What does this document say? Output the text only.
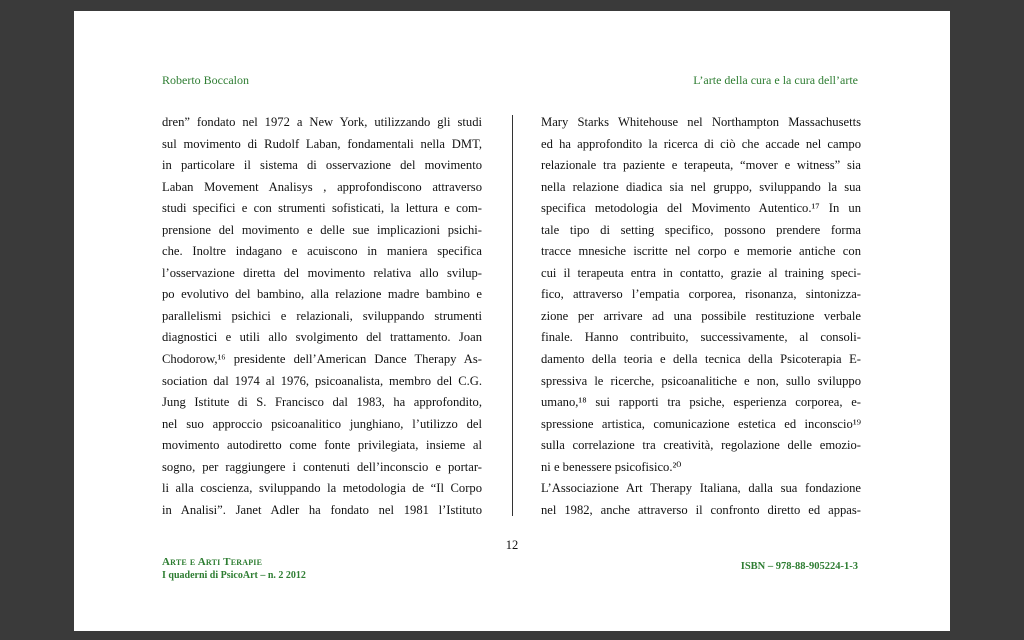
Roberto Boccalon	L’arte della cura e la cura dell’arte
dren” fondato nel 1972 a New York, utilizzando gli studi
sul movimento di Rudolf Laban, fondamentali nella DMT,
in particolare il sistema di osservazione del movimento
Laban Movement Analisys , approfondiscono attraverso
studi specifici e con strumenti sofisticati, la lettura e com-
prensione del movimento e delle sue implicazioni psichi-
che. Inoltre indagano e acuiscono in maniera specifica
l’osservazione diretta del movimento relativa allo svilup-
po evolutivo del bambino, alla relazione madre bambino e
parallelismi psichici e relazionali, sviluppando strumenti
diagnostici e utili allo svolgimento del trattamento. Joan
Chodorow,¹⁶ presidente dell’American Dance Therapy As-
sociation dal 1974 al 1976, psicoanalista, membro del C.G.
Jung Istitute di S. Francisco dal 1983, ha approfondito,
nel suo approccio psicoanalitico junghiano, l’utilizzo del
movimento autodiretto come fonte privilegiata, insieme al
sogno, per raggiungere i contenuti dell’inconscio e portar-
li alla coscienza, sviluppando la metodologia de “Il Corpo
in Analisi”. Janet Adler ha fondato nel 1981 l’Istituto
Mary Starks Whitehouse nel Northampton Massachusetts
ed ha approfondito la ricerca di ciò che accade nel campo
relazionale tra paziente e terapeuta, “mover e witness” sia
nella relazione diadica sia nel gruppo, sviluppando la sua
specifica metodologia del Movimento Autentico.¹⁷ In un
tale tipo di setting specifico, possono prendere forma
tracce mnesiche iscritte nel corpo e memorie antiche con
cui il terapeuta entra in contatto, grazie al training speci-
fico, attraverso l’empatia corporea, risonanza, sintonizza-
zione per arrivare ad una possibile restituzione verbale
finale. Hanno contribuito, successivamente, al consoli-
damento della teoria e della tecnica della Psicoterapia E-
spressiva le ricerche, psicoanalitiche e non, sullo sviluppo
umano,¹⁸ sui rapporti tra psiche, esperienza corporea, e-
spressione artistica, comunicazione estetica ed inconscio¹⁹
sulla correlazione tra creatività, regolazione delle emozio-
ni e benessere psicofisico.²⁰
L’Associazione Art Therapy Italiana, dalla sua fondazione
nel 1982, anche attraverso il confronto diretto ed appas-
12
Arte e Arti Terapie
I quaderni di PsicoArt – n. 2 2012
ISBN – 978-88-905224-1-3
